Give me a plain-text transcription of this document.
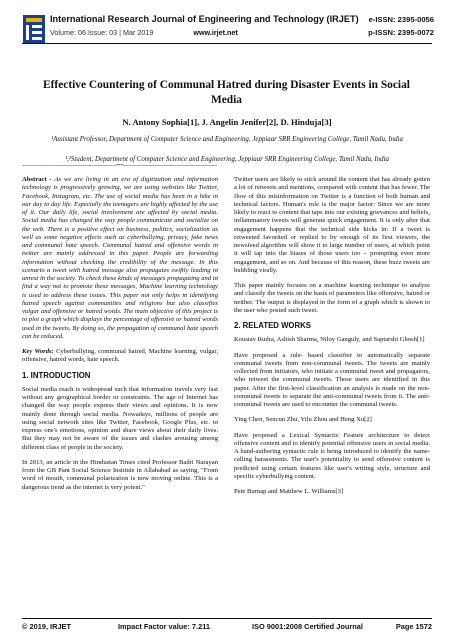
International Research Journal of Engineering and Technology (IRJET)
Volume: 06 Issue: 03 | Mar 2019	www.irjet.net
e-ISSN: 2395-0056
p-ISSN: 2395-0072
Effective Countering of Communal Hatred during Disaster Events in Social Media
N. Antony Sophia[1], J. Angelin Jenifer[2], D. Hinduja[3]
¹Assistant Professor, Department of Computer Science and Engineering, Jeppiaar SRR Engineering College, Tamil Nadu, India
¹,²Student, Department of Computer Science and Engineering, Jeppiaar SRR Engineering College, Tamil Nadu, India
---------------------------------------------------------------------***---------------------------------------------------------------------

Abstract - As we are living in an era of digitization and information technology is progressively growing, we are using websites like Twitter, Facebook, Instagram, etc. The use of social media has been in a hike in our day to day life. Especially the teenagers are highly affected by the use of it. Our daily life, social involvement are affected by social media. Social media has changed the way people communicate and socialize on the web. There is a positive effect on business, politics, socialization as well as some negative effects such as cyberbullying, privacy, fake news and communal hate speech. Communal hatred and offensive words in twitter are mainly addressed in this paper. People are forwarding information without checking the credibility of the message. In this scenario a tweet with hatred message also propagates swiftly leading to unrest in the society. To check these kinds of messages propagating and to find a way not to promote these messages, Machine learning technology is used to address these issues. This paper not only helps in identifying hatred speech against communities and religions but also classifies vulgar and offensive or hatred words. The main objective of this project is to plot a graph which displays the percentage of offensive or hatred words used in the tweets. By doing so, the propagation of communal hate speech can be reduced.

Key Words: Cyberbullying, communal hatred, Machine learning, vulgar, offensive, hatred words, hate speech.

1. INTRODUCTION

Social media reach is widespread such that information travels very fast without any geographical border or constraints. The age of Internet has changed the way people express their views and opinions. It is now mainly done through social media. Nowadays, millions of people are using social network sites like Twitter, Facebook, Google Plus, etc. to express one's emotions, opinion and share views about their daily lives. But they may not be aware of the issues and clashes arousing among different class of people in the society.

In 2013, an article in the Hindustan Times cited Professor Badri Narayan from the GB Pant Social Science Institute in Allahabad as saying, "From word of mouth, communal polarization is now moving online. This is a dangerous trend as the internet is very potent."

Twitter users are likely to stick around the content that has already gotten a lot of retweets and mentions, compared with content that has fewer. The flow of this misinformation on Twitter is a function of both human and technical factors. Human's role is the major factor: Since we are more likely to react to content that taps into our existing grievances and beliefs, inflammatory tweets will generate quick engagement. It is only after that engagement happens that the technical side kicks in: If a tweet is retweeted favorited or replied to by enough of its first viewers, the newsfeed algorithm will show it to large number of users, at which point it will tap into the biases of those users too – prompting even more engagement, and so on. And because of this reason, these buzz tweets are bubbling virally.

This paper mainly focuses on a machine learning technique to analyze and classify the tweets on the basis of parameters like offensive, hatred or neither. The output is displayed in the form of a graph which is shown to the user who posted such tweet.

2. RELATED WORKS

Koustav Rudra, Ashish Sharma, Niloy Ganguly, and Saptarshi Ghosh[1]

Have proposed a rule- based classifier to automatically separate communal tweets from non-communal tweets. The tweets are mainly collected from initiators, who initiate a communal tweet and propagators, who retweet the communal tweets. Those users are identified in this paper. After the first-level classification an analysis is made on the non-communal tweets to separate the anti-communal tweets from it. The anti-communal tweets are used to encounter the communal tweets.

Ying Chen, Sencun Zhu, Yilu Zhou and Heng Xu[2]

Have proposed a Lexical Syntactic Feature architecture to detect offensive content and to identify potential offensive users in social media. A hand-authoring syntactic rule is being introduced to identify the name-calling harassments. The user's potentiality to send offensive content is predicted using certain features like user's writing style, structure and specific cyberbullying content.

Pete Burnap and Matthew L. Williams[3]

© 2019, IRJET	Impact Factor value: 7.211	ISO 9001:2008 Certified Journal	Page 1572
